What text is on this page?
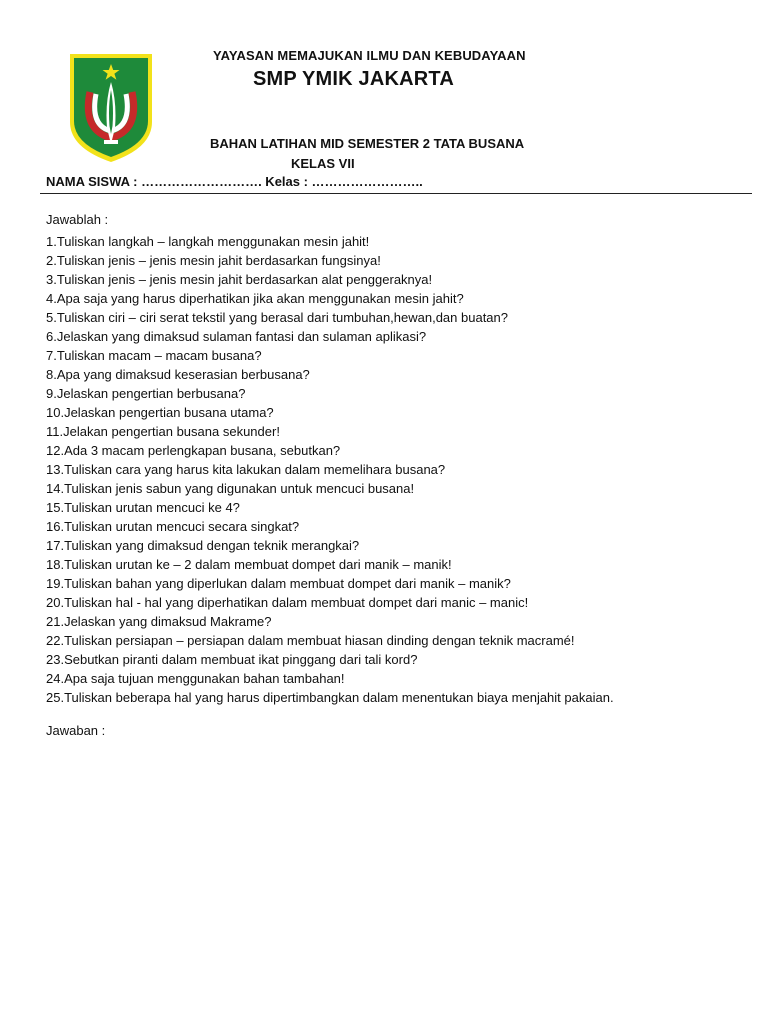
YAYASAN MEMAJUKAN ILMU DAN KEBUDAYAAN
SMP YMIK JAKARTA
BAHAN LATIHAN MID SEMESTER 2 TATA BUSANA
KELAS VII
NAMA SISWA : ………………………. Kelas : ……………………..
Jawablah :
1.Tuliskan langkah – langkah menggunakan mesin jahit!
2.Tuliskan jenis – jenis mesin jahit berdasarkan fungsinya!
3.Tuliskan jenis – jenis mesin jahit berdasarkan alat penggeraknya!
4.Apa saja yang harus diperhatikan jika akan menggunakan mesin jahit?
5.Tuliskan ciri – ciri serat tekstil yang berasal dari tumbuhan,hewan,dan buatan?
6.Jelaskan yang dimaksud sulaman fantasi dan sulaman aplikasi?
7.Tuliskan macam – macam busana?
8.Apa yang dimaksud keserasian berbusana?
9.Jelaskan pengertian berbusana?
10.Jelaskan pengertian busana utama?
11.Jelakan pengertian busana sekunder!
12.Ada 3 macam perlengkapan busana, sebutkan?
13.Tuliskan cara yang harus kita lakukan dalam memelihara busana?
14.Tuliskan jenis sabun yang digunakan untuk mencuci busana!
15.Tuliskan urutan mencuci ke 4?
16.Tuliskan urutan mencuci secara singkat?
17.Tuliskan yang dimaksud dengan teknik merangkai?
18.Tuliskan urutan ke – 2 dalam membuat dompet dari manik – manik!
19.Tuliskan bahan yang diperlukan dalam membuat dompet dari manik – manik?
20.Tuliskan hal - hal yang diperhatikan dalam membuat dompet dari manic – manic!
21.Jelaskan yang dimaksud Makrame?
22.Tuliskan persiapan – persiapan dalam membuat hiasan dinding dengan teknik macramé!
23.Sebutkan piranti dalam membuat ikat pinggang dari tali kord?
24.Apa saja tujuan menggunakan bahan tambahan!
25.Tuliskan beberapa hal yang harus dipertimbangkan dalam menentukan biaya menjahit pakaian.
Jawaban :
